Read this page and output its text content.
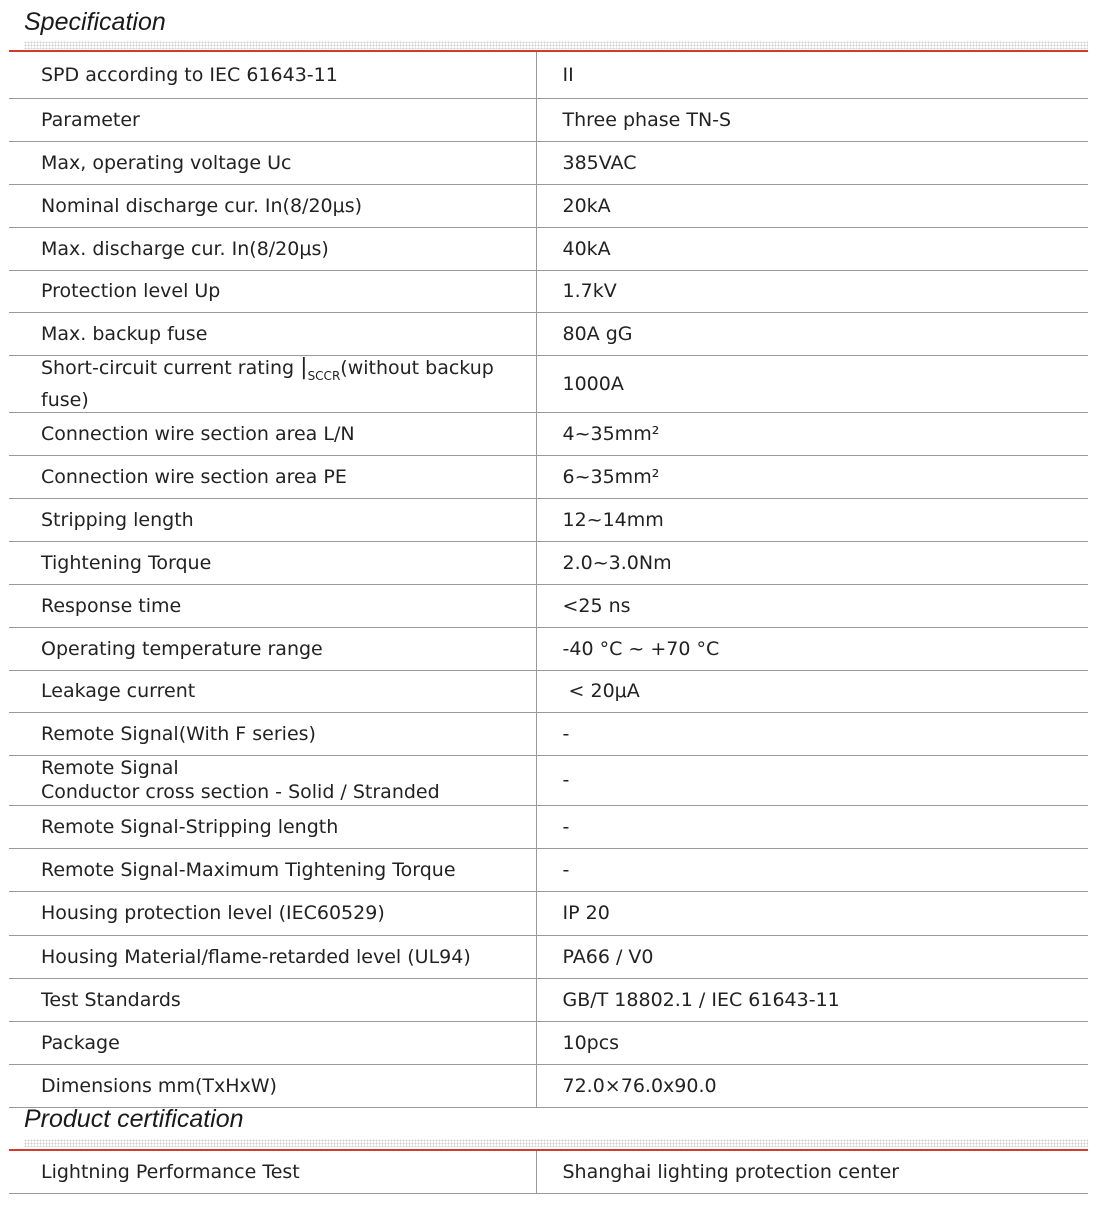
Specification
SPD according to IEC 61643-11	II
Parameter	Three phase TN-S
Max, operating voltage Uc	385VAC
Nominal discharge cur. In(8/20μs)	20kA
Max. discharge cur. In(8/20μs)	40kA
Protection level Up	1.7kV
Max. backup fuse	80A gG
Short-circuit current rating $|_{SCCR}(without$ backup fuse)	1000A
Connection wire section area L/N	4~35mm²
Connection wire section area PE	6~35mm²
Stripping length	12~14mm
Tightening Torque	2.0~3.0Nm
Response time	<25 ns
Operating temperature range	-40 °C ~ +70 °C
Leakage current	< 20μA
Remote Signal(With F series)	-

Remote Signal
Conductor cross section - Solid / Stranded	-
Remote Signal-Stripping length	-
Remote Signal-Maximum Tightening Torque	-
Housing protection level (IEC60529)	IP 20
Housing Material/flame-retarded level (UL94)	PA66 / V0
Test Standards	GB/T 18802.1 / IEC 61643-11
Package	10pcs
Dimensions mm(TxHxW)	72.0×76.0x90.0
Product certification
Lightning Performance Test	Shanghai lighting protection center
